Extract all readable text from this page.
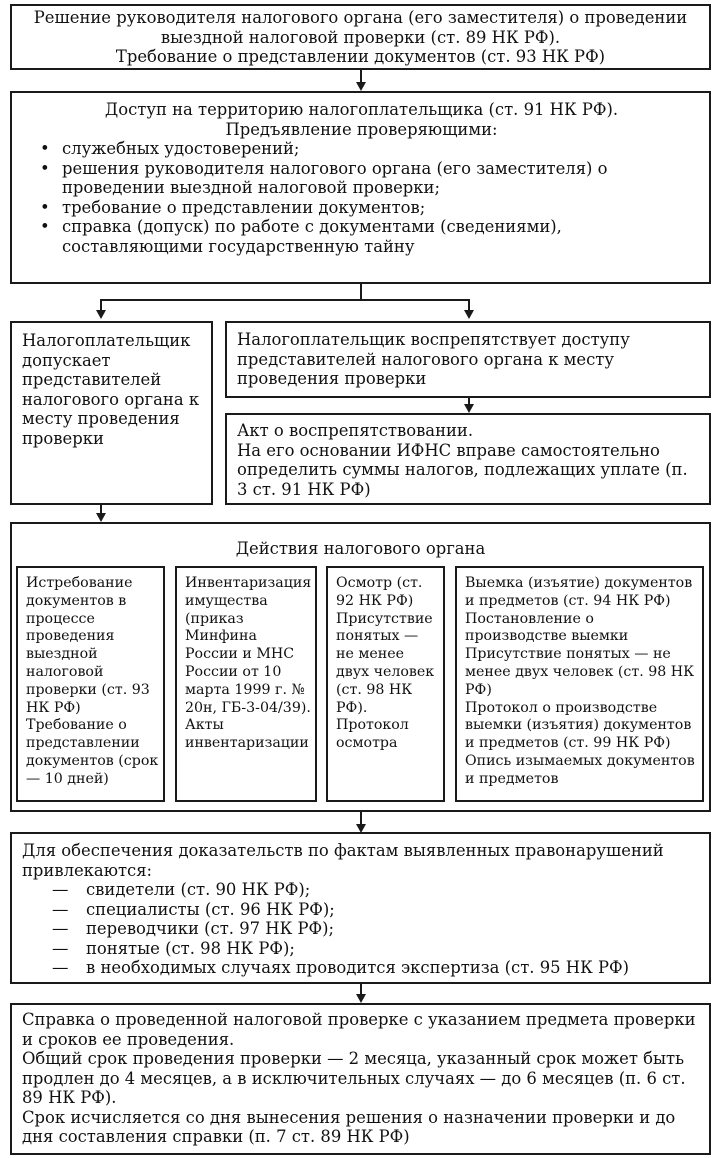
Решение руководителя налогового органа (его заместителя) о проведении

выездной налоговой проверки (ст. 89 НК РФ).

Требование о представлении документов (ст. 93 НК РФ)

Доступ на территорию налогоплательщика (ст. 91 НК РФ). Предъявление проверяющими:

• служебных удостоверений;
• решения руководителя налогового органа (его заместителя) о проведении выездной налоговой проверки;
• требование о представлении документов;
• справка (допуск) по работе с документами (сведениями), составляющими государственную тайну

Налогоплательщик допускает представителей налогового органа к месту проведения проверки

Налогоплательщик воспрепятствует доступу представителей налогового органа к месту проведения проверки

Акт о воспрепятствовании.

На его основании ИФНС вправе самостоятельно определить суммы налогов, подлежащих уплате (п. 3 ст. 91 НК РФ)

Действия налогового органа

Истребование документов в процессе проведения выездной налоговой проверки (ст. 93 НК РФ)

Требование о представлении документов (срок — 10 дней)

Инвентаризация имущества (приказ Минфина России и МНС России от 10 марта 1999 г. № 20н, ГБ-3-04/39).

Акты инвентаризации

Осмотр (ст. 92 НК РФ)

Присутствие понятых — не менее двух человек (ст. 98 НК РФ).

Протокол осмотра

Выемка (изъятие) документов и предметов (ст. 94 НК РФ)

Постановление о производстве выемки

Присутствие понятых — не менее двух человек (ст. 98 НК РФ)

Протокол о производстве выемки (изъятия) документов и предметов (ст. 99 НК РФ)

Опись изымаемых документов и предметов

Для обеспечения доказательств по фактам выявленных правонарушений привлекаются:

— свидетели (ст. 90 НК РФ);
— специалисты (ст. 96 НК РФ);
— переводчики (ст. 97 НК РФ);
— понятые (ст. 98 НК РФ);
— в необходимых случаях проводится экспертиза (ст. 95 НК РФ)

Справка о проведенной налоговой проверке с указанием предмета проверки и сроков ее проведения.

Общий срок проведения проверки — 2 месяца, указанный срок может быть продлен до 4 месяцев, а в исключительных случаях — до 6 месяцев (п. 6 ст. 89 НК РФ).

Срок исчисляется со дня вынесения решения о назначении проверки и до дня составления справки (п. 7 ст. 89 НК РФ)
